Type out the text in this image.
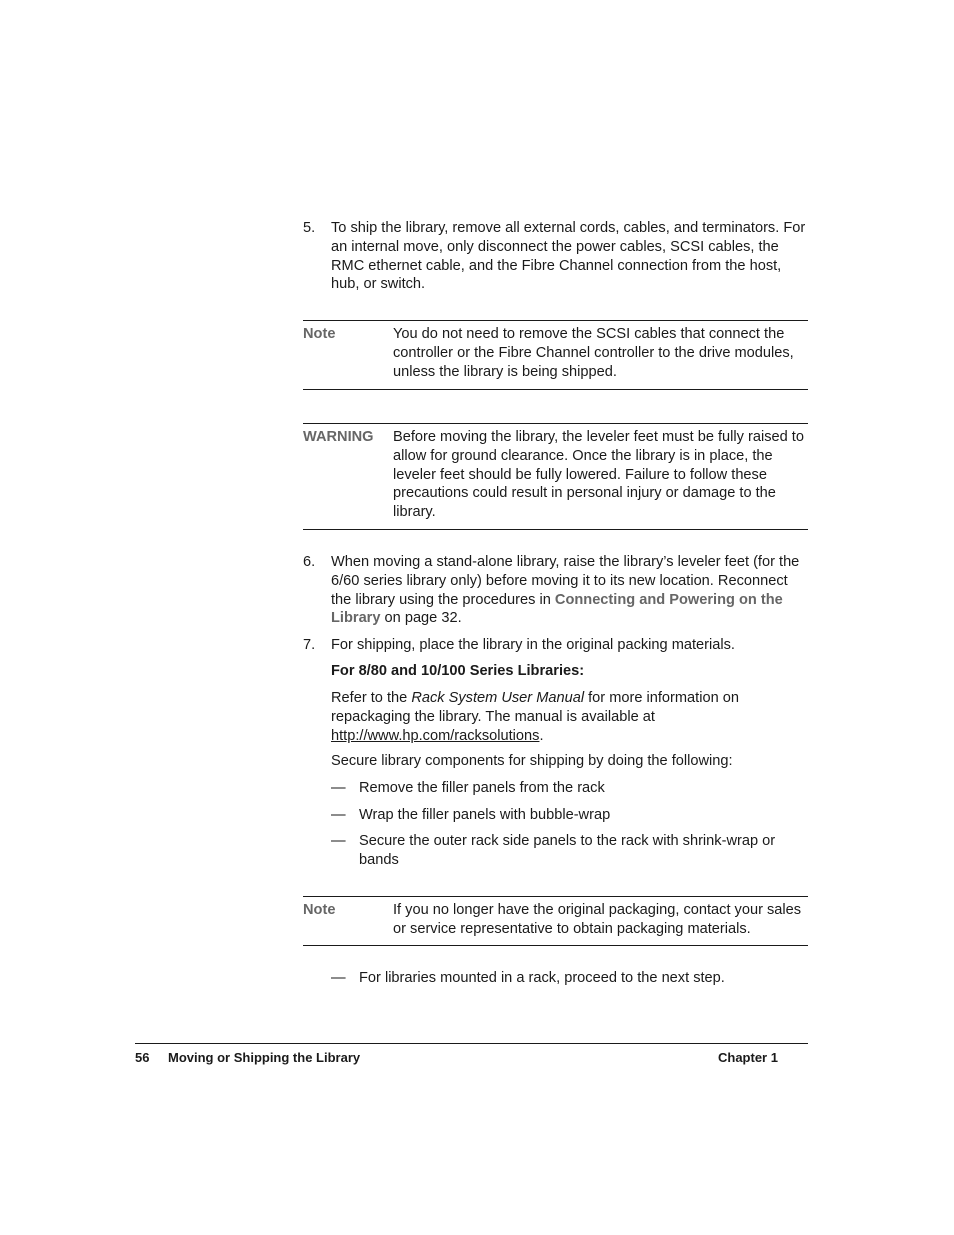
5. To ship the library, remove all external cords, cables, and terminators. For an internal move, only disconnect the power cables, SCSI cables, the RMC ethernet cable, and the Fibre Channel connection from the host, hub, or switch.
Note	You do not need to remove the SCSI cables that connect the controller or the Fibre Channel controller to the drive modules, unless the library is being shipped.
WARNING Before moving the library, the leveler feet must be fully raised to allow for ground clearance. Once the library is in place, the leveler feet should be fully lowered. Failure to follow these precautions could result in personal injury or damage to the library.
6. When moving a stand-alone library, raise the library’s leveler feet (for the 6/60 series library only) before moving it to its new location. Reconnect the library using the procedures in Connecting and Powering on the Library on page 32.
7. For shipping, place the library in the original packing materials.
For 8/80 and 10/100 Series Libraries:
Refer to the Rack System User Manual for more information on repackaging the library. The manual is available at http://www.hp.com/racksolutions.
Secure library components for shipping by doing the following:
— Remove the filler panels from the rack
— Wrap the filler panels with bubble-wrap
— Secure the outer rack side panels to the rack with shrink-wrap or bands
Note	If you no longer have the original packaging, contact your sales or service representative to obtain packaging materials.
— For libraries mounted in a rack, proceed to the next step.
56 Moving or Shipping the Library	Chapter 1
